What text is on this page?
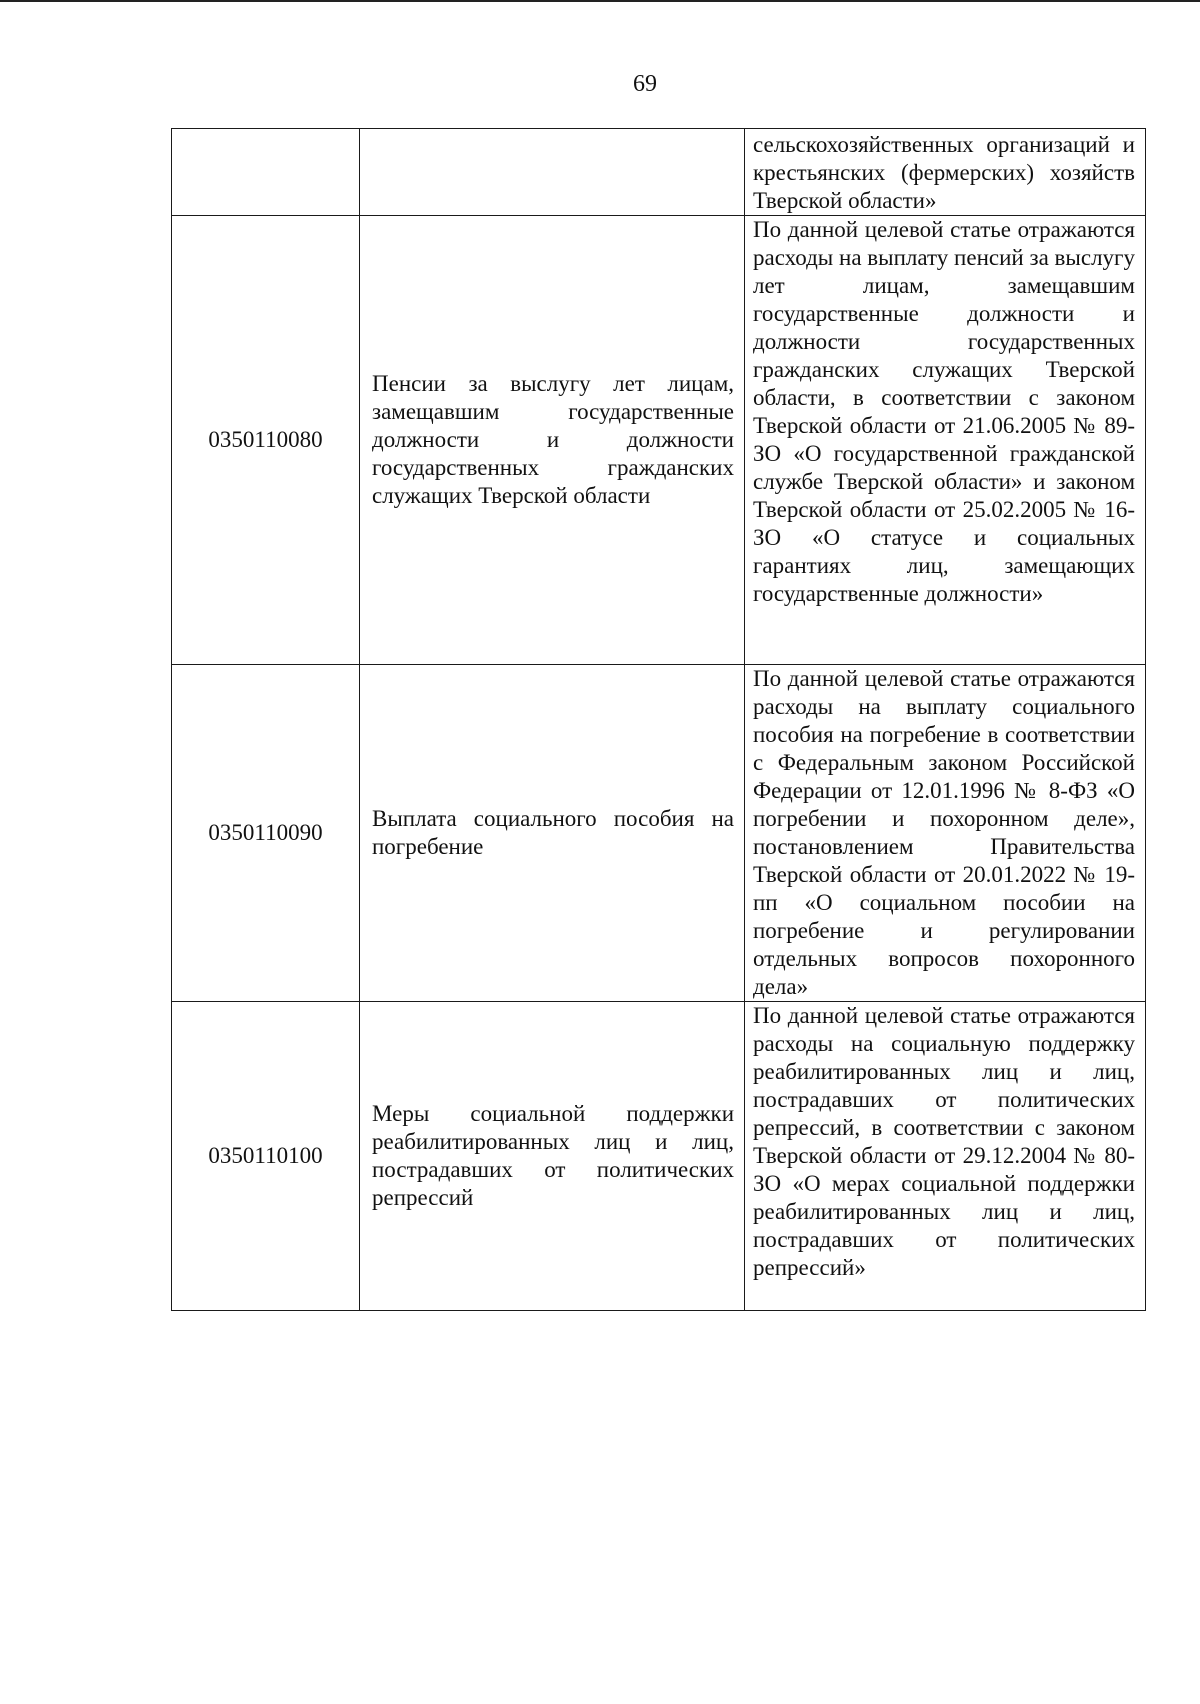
69
		сельскохозяйственных организаций и крестьянских (фермерских) хозяйств Тверской области»
0350110080	Пенсии за выслугу лет лицам, замещавшим государственные должности и должности государственных гражданских служащих Тверской области	По данной целевой статье отражаются расходы на выплату пенсий за выслугу лет лицам, замещавшим государственные должности и должности государственных гражданских служащих Тверской области, в соответствии с законом Тверской области от 21.06.2005 № 89-ЗО «О государственной гражданской службе Тверской области» и законом Тверской области от 25.02.2005 № 16-ЗО «О статусе и социальных гарантиях лиц, замещающих государственные должности»
0350110090	Выплата социального пособия на погребение	По данной целевой статье отражаются расходы на выплату социального пособия на погребение в соответствии с Федеральным законом Российской Федерации от 12.01.1996 № 8-ФЗ «О погребении и похоронном деле», постановлением Правительства Тверской области от 20.01.2022 № 19-пп «О социальном пособии на погребение и регулировании отдельных вопросов похоронного дела»
0350110100	Меры социальной поддержки реабилитированных лиц и лиц, пострадавших от политических репрессий	По данной целевой статье отражаются расходы на социальную поддержку реабилитированных лиц и лиц, пострадавших от политических репрессий, в соответствии с законом Тверской области от 29.12.2004 № 80-ЗО «О мерах социальной поддержки реабилитированных лиц и лиц, пострадавших от политических репрессий»
